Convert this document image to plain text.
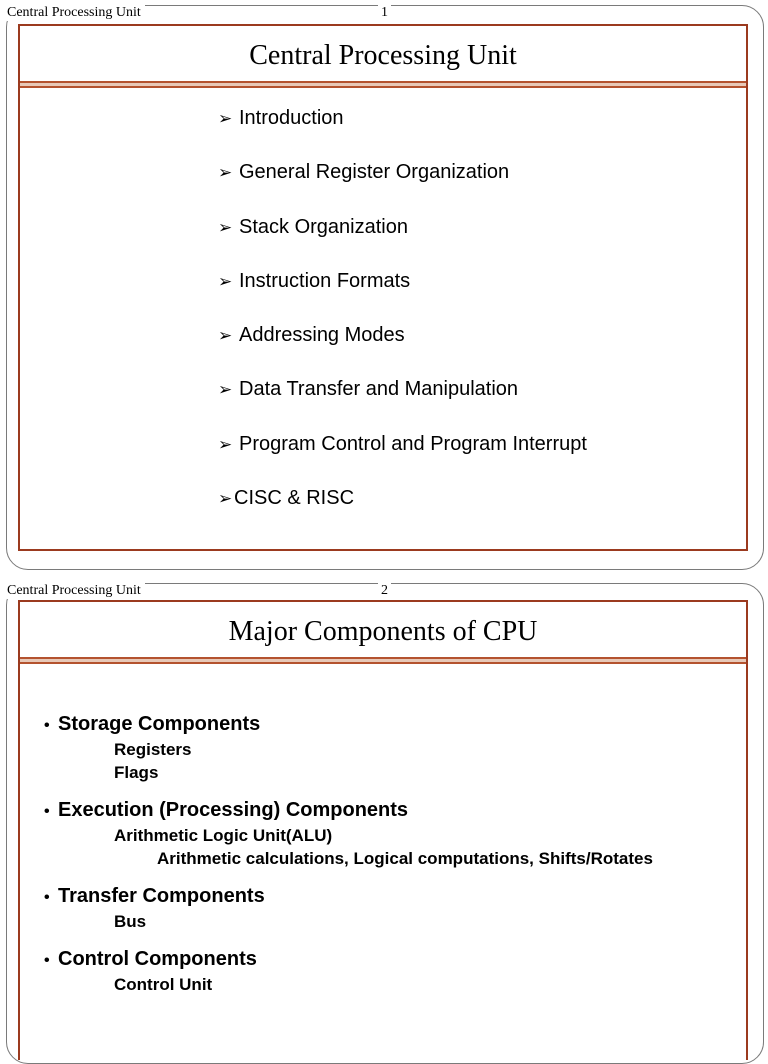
Central Processing Unit	1
Central Processing Unit
➢ Introduction
➢ General Register Organization
➢ Stack Organization
➢ Instruction Formats
➢ Addressing Modes
➢ Data Transfer and Manipulation
➢ Program Control and Program Interrupt
➢CISC & RISC
Central Processing Unit	2
Major Components of CPU
• Storage Components
Registers
Flags
• Execution (Processing) Components
Arithmetic Logic Unit(ALU)
Arithmetic calculations, Logical computations, Shifts/Rotates
• Transfer Components
Bus
• Control Components
Control Unit
